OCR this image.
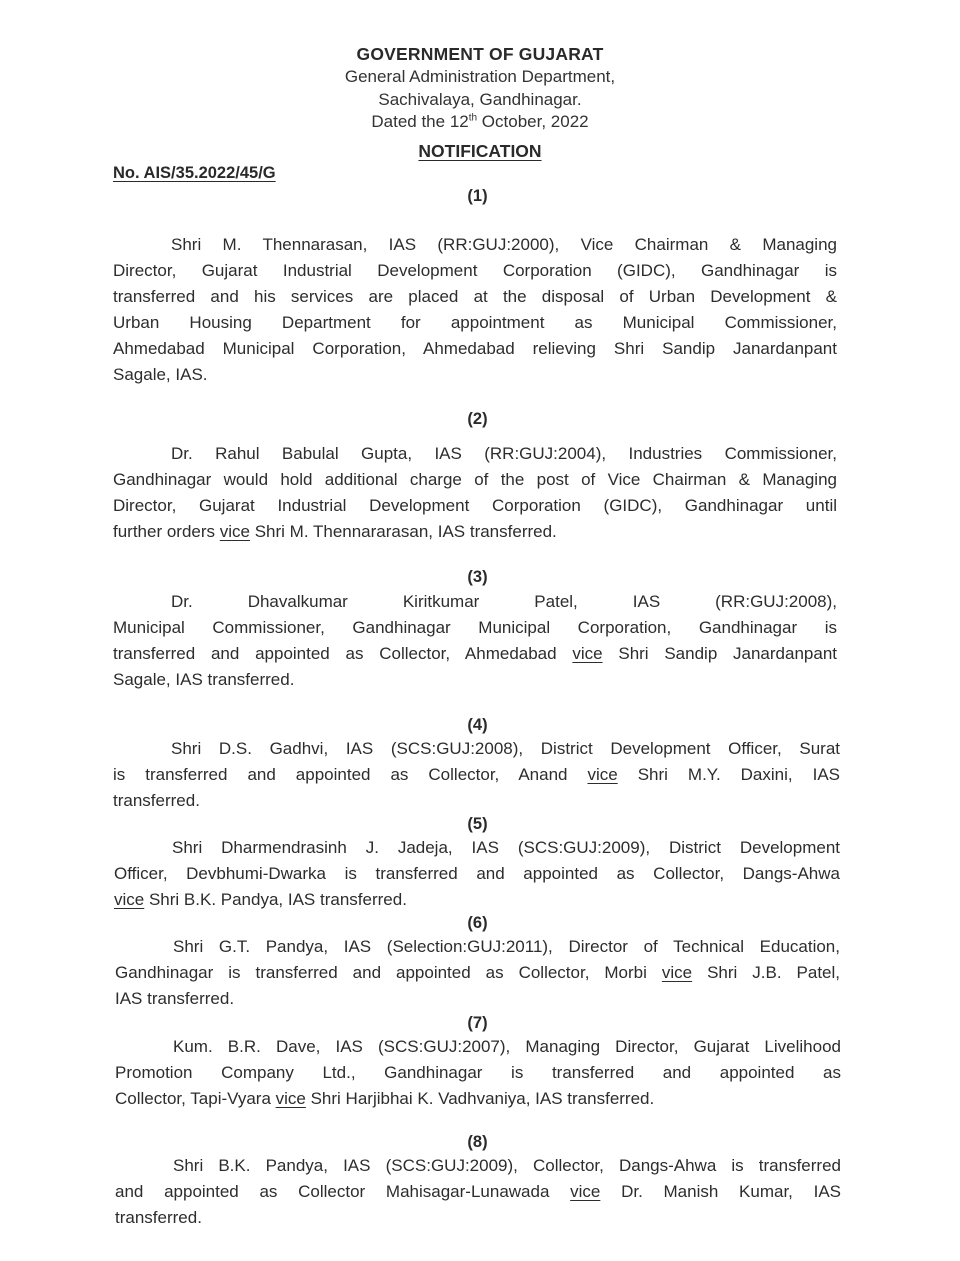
GOVERNMENT OF GUJARAT
General Administration Department,
Sachivalaya, Gandhinagar.
Dated the 12th October, 2022
NOTIFICATION
No. AIS/35.2022/45/G
(1)
Shri M. Thennarasan, IAS (RR:GUJ:2000), Vice Chairman & Managing
Director, Gujarat Industrial Development Corporation (GIDC), Gandhinagar is
transferred and his services are placed at the disposal of Urban Development &
Urban Housing Department for appointment as Municipal Commissioner,
Ahmedabad Municipal Corporation, Ahmedabad relieving Shri Sandip Janardanpant
Sagale, IAS.
(2)
Dr. Rahul Babulal Gupta, IAS (RR:GUJ:2004), Industries Commissioner,
Gandhinagar would hold additional charge of the post of Vice Chairman & Managing
Director, Gujarat Industrial Development Corporation (GIDC), Gandhinagar until
further orders vice Shri M. Thennararasan, IAS transferred.
(3)
Dr. Dhavalkumar Kiritkumar Patel, IAS (RR:GUJ:2008),
Municipal Commissioner, Gandhinagar Municipal Corporation, Gandhinagar is
transferred and appointed as Collector, Ahmedabad vice Shri Sandip Janardanpant
Sagale, IAS transferred.
(4)
Shri D.S. Gadhvi, IAS (SCS:GUJ:2008), District Development Officer, Surat
is transferred and appointed as Collector, Anand vice Shri M.Y. Daxini, IAS
transferred.
(5)
Shri Dharmendrasinh J. Jadeja, IAS (SCS:GUJ:2009), District Development
Officer, Devbhumi-Dwarka is transferred and appointed as Collector, Dangs-Ahwa
vice Shri B.K. Pandya, IAS transferred.
(6)
Shri G.T. Pandya, IAS (Selection:GUJ:2011), Director of Technical Education,
Gandhinagar is transferred and appointed as Collector, Morbi vice Shri J.B. Patel,
IAS transferred.
(7)
Kum. B.R. Dave, IAS (SCS:GUJ:2007), Managing Director, Gujarat Livelihood
Promotion Company Ltd., Gandhinagar is transferred and appointed as
Collector, Tapi-Vyara vice Shri Harjibhai K. Vadhvaniya, IAS transferred.
(8)
Shri B.K. Pandya, IAS (SCS:GUJ:2009), Collector, Dangs-Ahwa is transferred
and appointed as Collector Mahisagar-Lunawada vice Dr. Manish Kumar, IAS
transferred.
